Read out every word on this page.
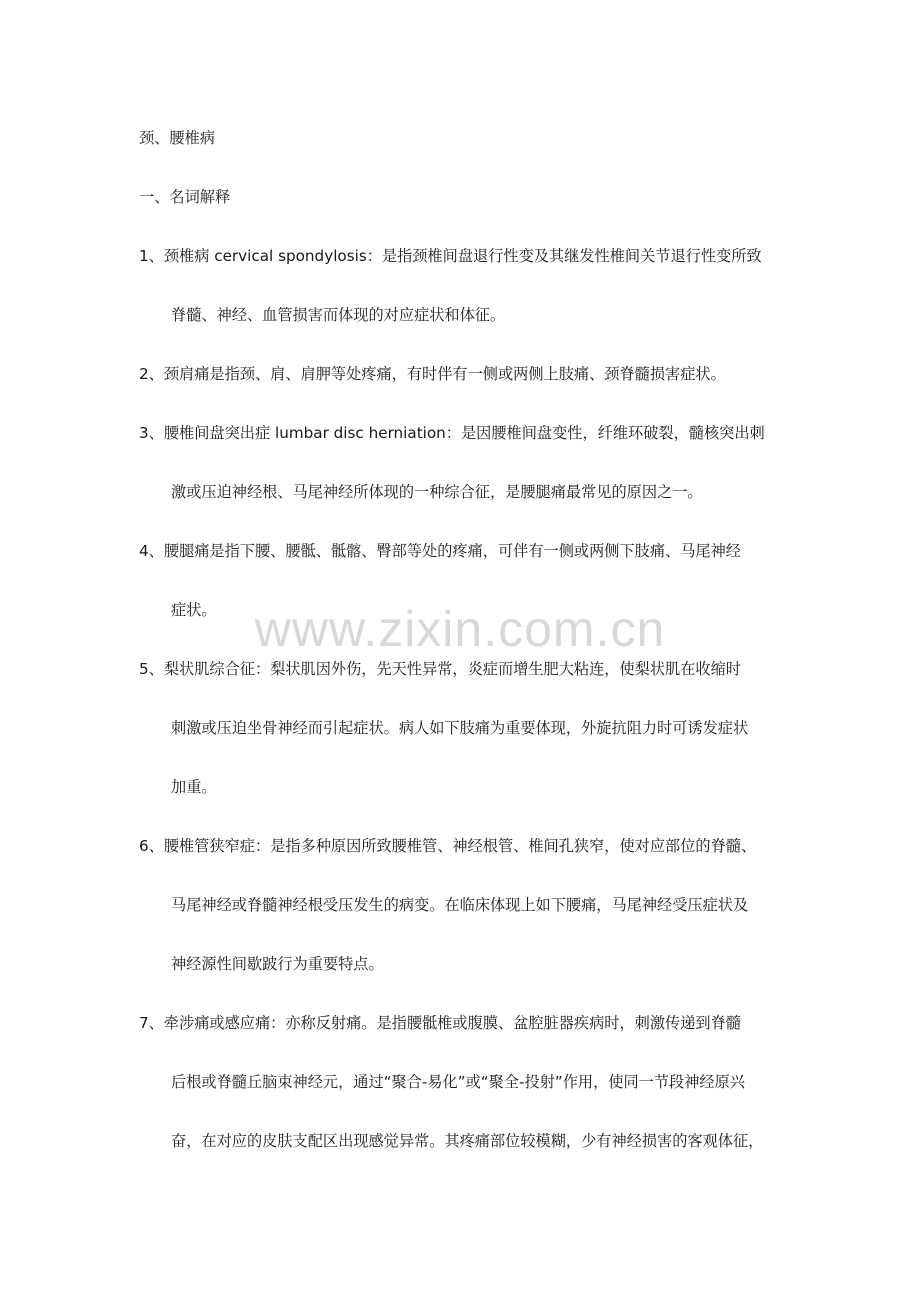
www.zixin.com.cn
颈、腰椎病
一、名词解释
1、颈椎病 cervical spondylosis：是指颈椎间盘退行性变及其继发性椎间关节退行性变所致
脊髓、神经、血管损害而体现的对应症状和体征。
2、颈肩痛是指颈、肩、肩胛等处疼痛，有时伴有一侧或两侧上肢痛、颈脊髓损害症状。
3、腰椎间盘突出症 lumbar disc herniation：是因腰椎间盘变性，纤维环破裂，髓核突出刺
激或压迫神经根、马尾神经所体现的一种综合征，是腰腿痛最常见的原因之一。
4、腰腿痛是指下腰、腰骶、骶髂、臀部等处的疼痛，可伴有一侧或两侧下肢痛、马尾神经
症状。
5、梨状肌综合征：梨状肌因外伤，先天性异常，炎症而增生肥大粘连，使梨状肌在收缩时
刺激或压迫坐骨神经而引起症状。病人如下肢痛为重要体现，外旋抗阻力时可诱发症状
加重。
6、腰椎管狭窄症：是指多种原因所致腰椎管、神经根管、椎间孔狭窄，使对应部位的脊髓、
马尾神经或脊髓神经根受压发生的病变。在临床体现上如下腰痛，马尾神经受压症状及
神经源性间歇跛行为重要特点。
7、牵涉痛或感应痛：亦称反射痛。是指腰骶椎或腹膜、盆腔脏器疾病时，刺激传递到脊髓
后根或脊髓丘脑束神经元，通过“聚合-易化”或“聚全-投射”作用，使同一节段神经原兴
奋，在对应的皮肤支配区出现感觉异常。其疼痛部位较模糊，少有神经损害的客观体征，
